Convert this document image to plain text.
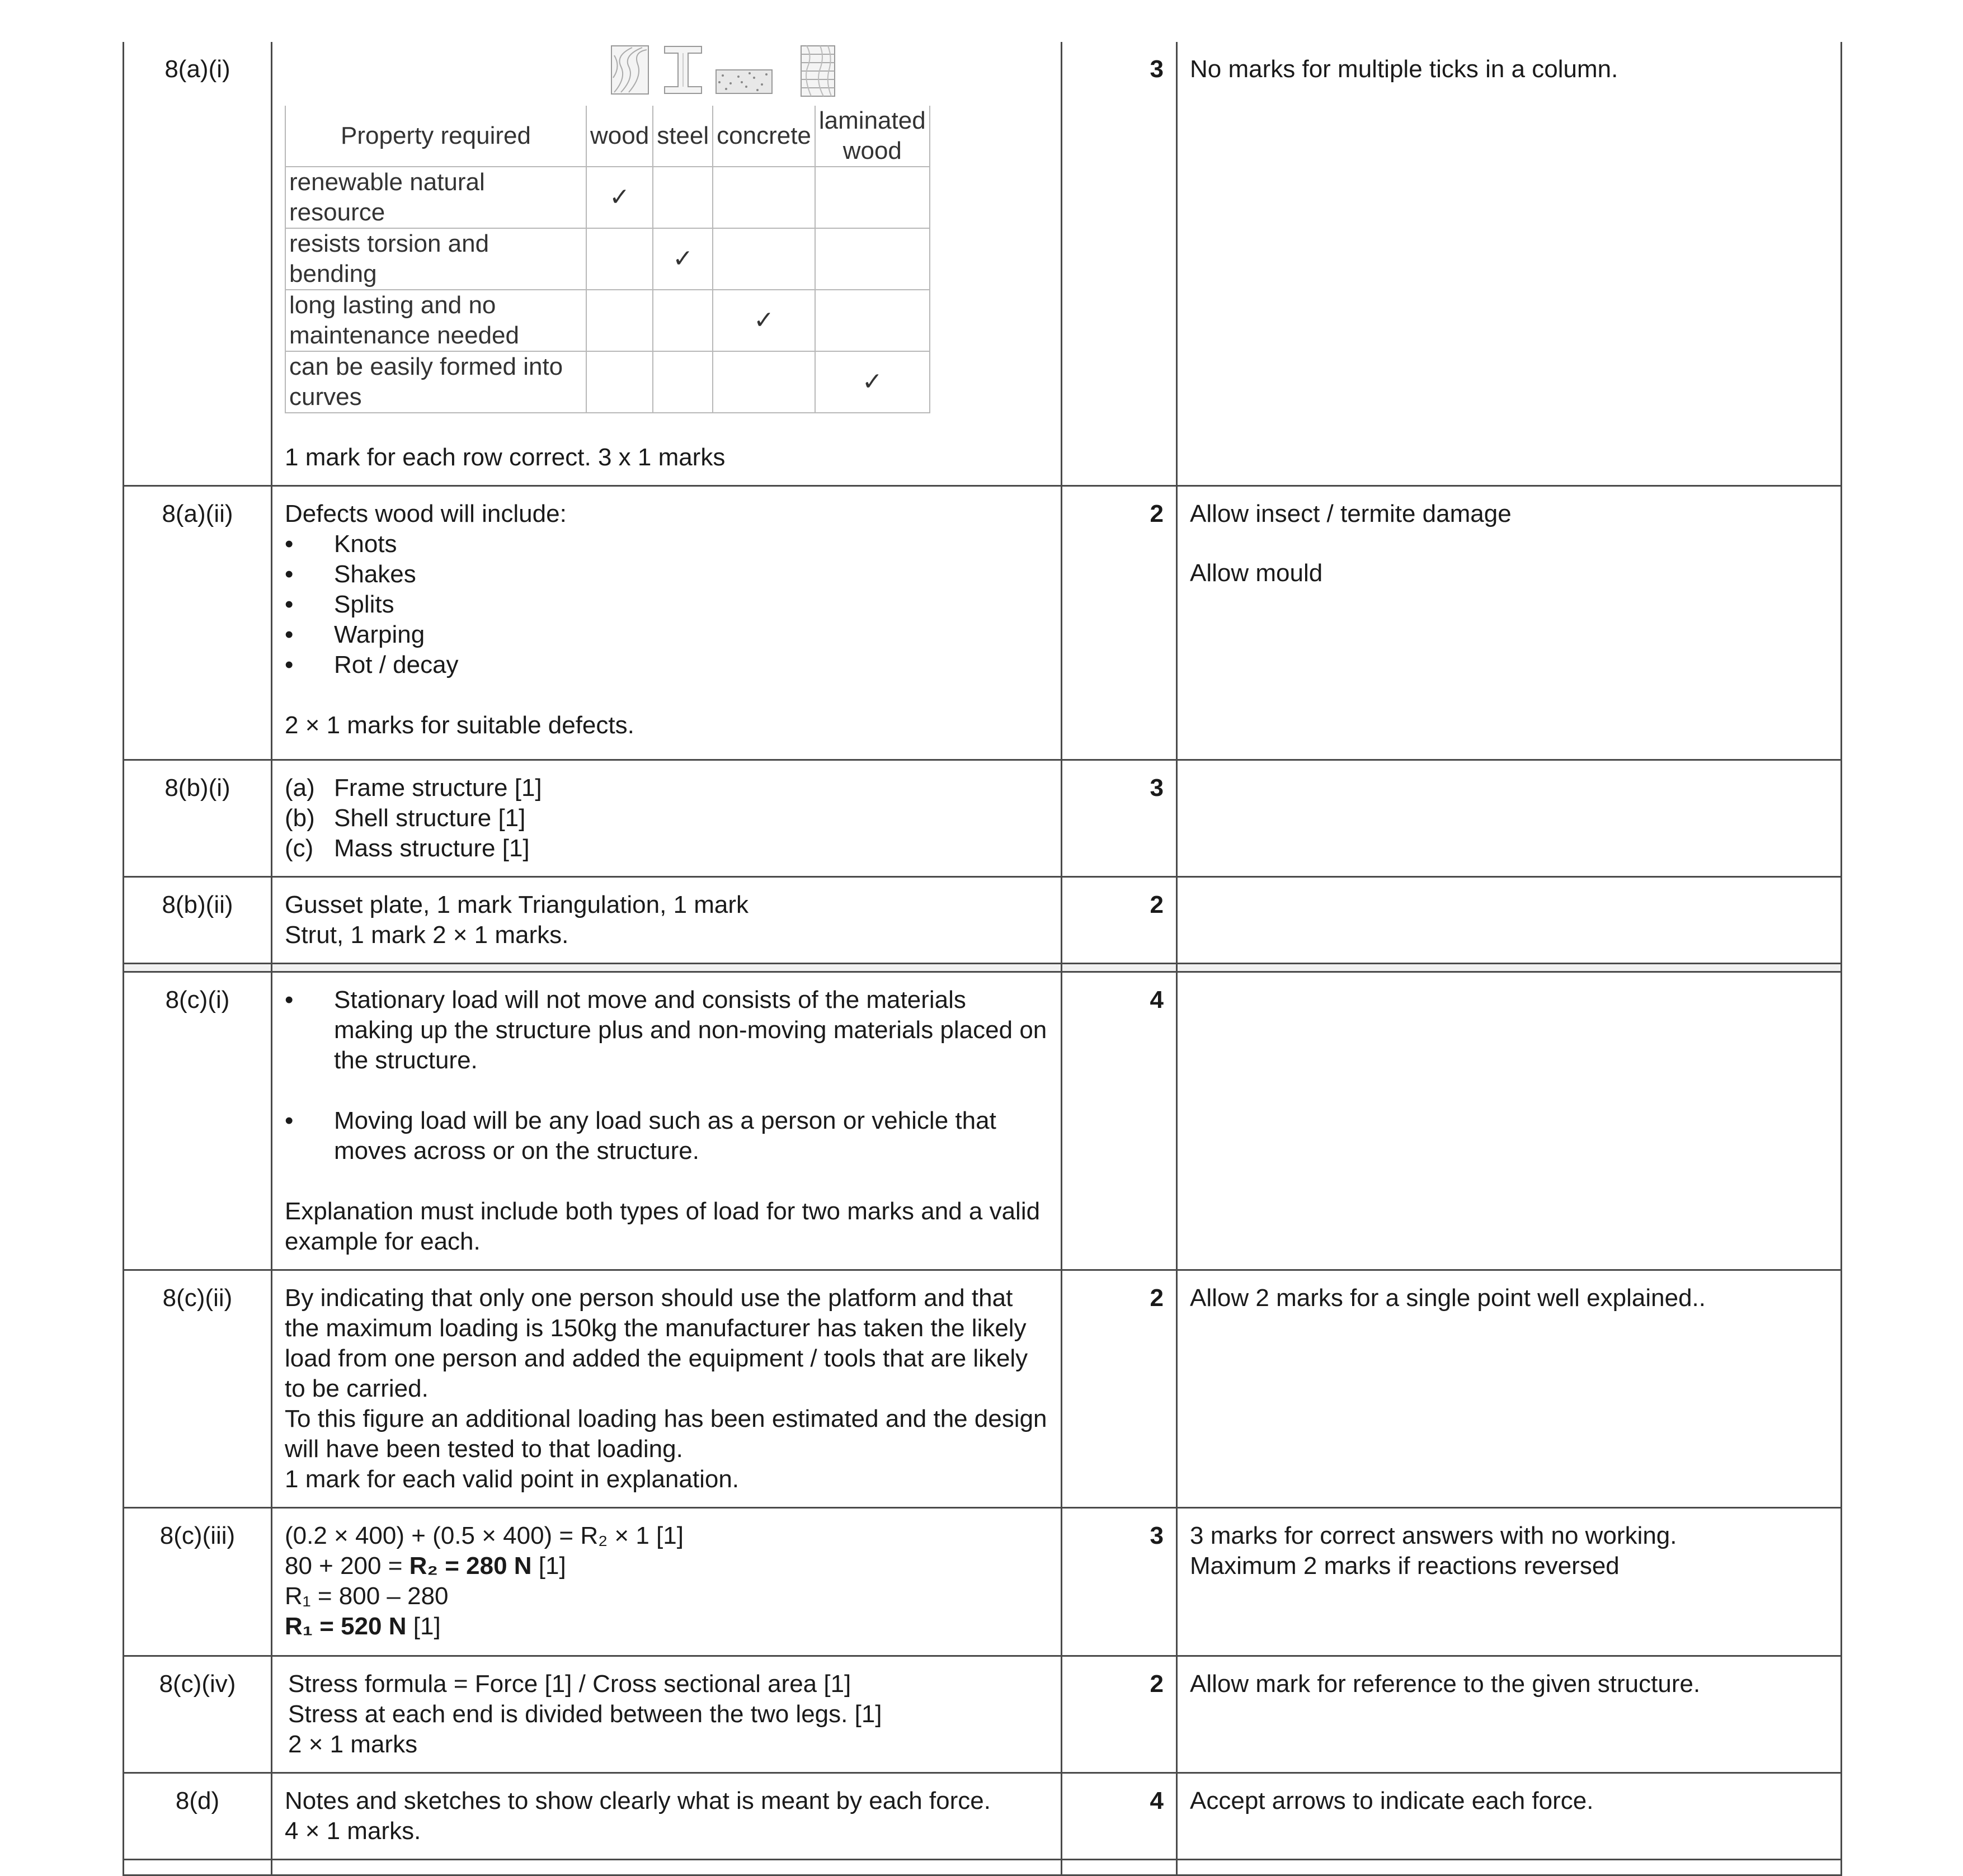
8(a)(i)	
Property required	wood	steel	concrete	laminated wood
renewable natural resource	✓			
resists torsion and bending		✓		
long lasting and no maintenance needed			✓	
can be easily formed into curves				✓
1 mark for each row correct. 3 x 1 marks
	3	No marks for multiple ticks in a column.

8(a)(ii)	Defects wood will include:
• Knots
• Shakes
• Splits
• Warping
• Rot / decay
2 × 1 marks for suitable defects.
	2	Allow insect / termite damage
Allow mould

8(b)(i)	(a) Frame structure [1]
(b) Shell structure [1]
(c) Mass structure [1]
	3	
8(b)(ii)	Gusset plate, 1 mark Triangulation, 1 mark
Strut, 1 mark 2 × 1 marks.
	2	

8(c)(i)	
•Stationary load will not move and consists of the materials making up the structure plus and non-moving materials placed on the structure.
• Moving load will be any load such as a person or vehicle that moves across or on the structure.
Explanation must include both types of load for two marks and a valid example for each.
	4	
8(c)(ii)	By indicating that only one person should use the platform and that the maximum loading is 150kg the manufacturer has taken the likely load from one person and added the equipment / tools that are likely to be carried.
To this figure an additional loading has been estimated and the design will have been tested to that loading.
1 mark for each valid point in explanation.
	2	Allow 2 marks for a single point well explained..

8(c)(iii)	(0.2 × 400) + (0.5 × 400) = R₂ × 1 [1]
80 + 200 = R₂ = 280 N [1]
R₁ = 800 – 280
R₁ = 520 N [1]
	3	3 marks for correct answers with no working.
Maximum 2 marks if reactions reversed

8(c)(iv)	Stress formula = Force [1] / Cross sectional area [1]
Stress at each end is divided between the two legs. [1]
2 × 1 marks
	2	Allow mark for reference to the given structure.

8(d)	Notes and sketches to show clearly what is meant by each force.
4 × 1 marks.
	4	Accept arrows to indicate each force.
